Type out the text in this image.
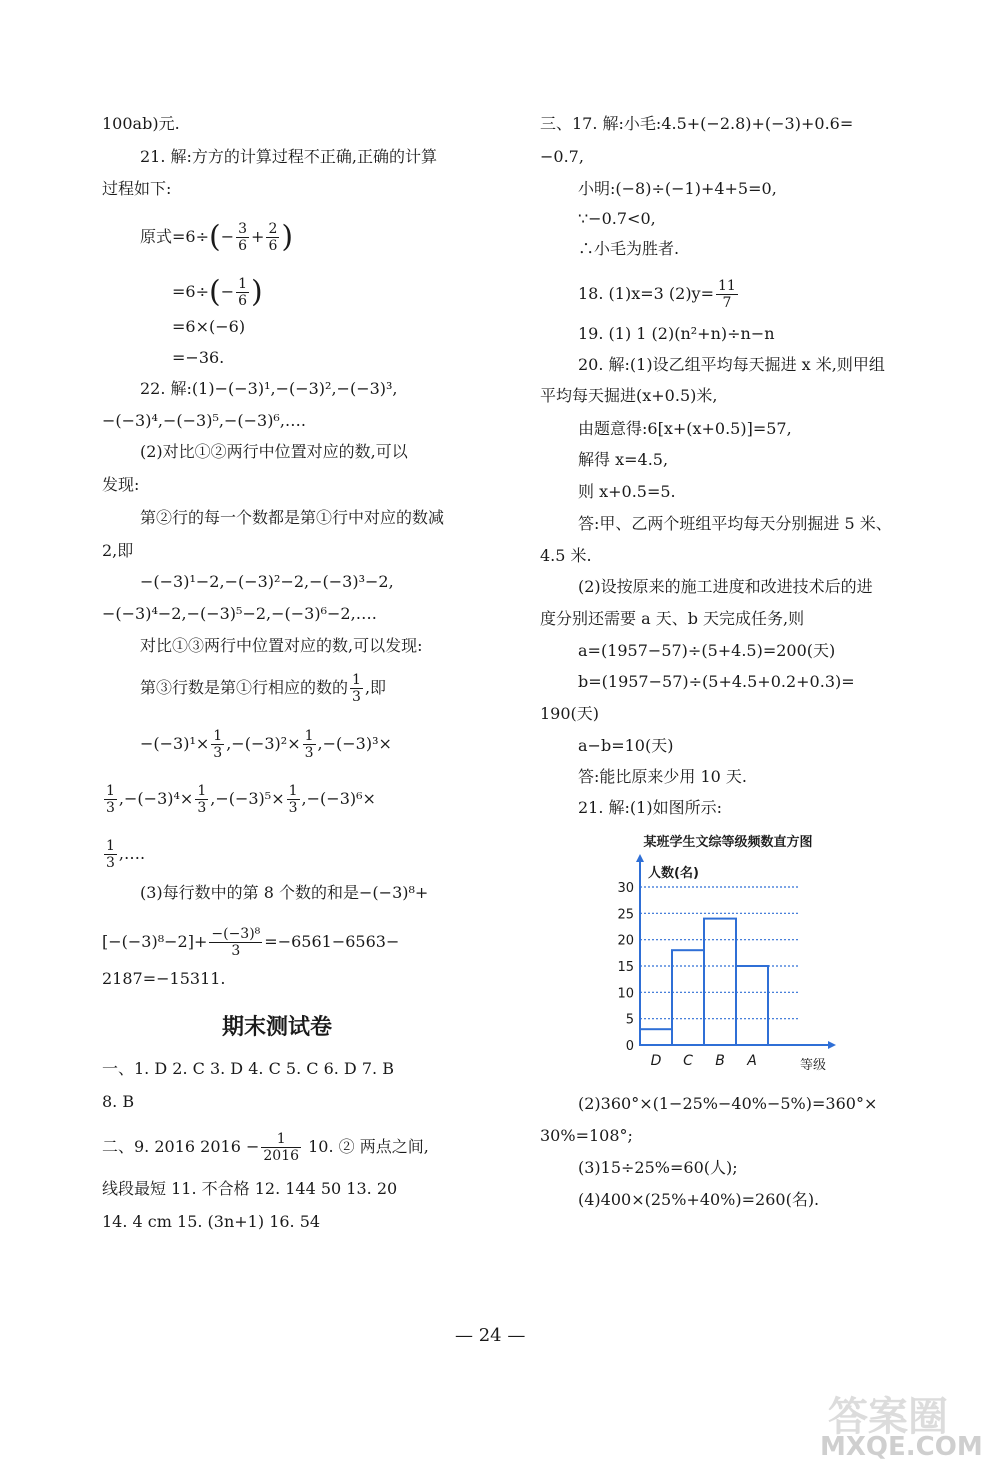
100ab)元.
21. 解:方方的计算过程不正确,正确的计算
过程如下:
原式$=6\div(- \frac{3}{6} + \frac{2}{6}$ )
$=6\div(- \frac{1}{6}$ )
=6×(−6)
=−36.
22. 解:(1)−(−3)¹,−(−3)²,−(−3)³,
−(−3)⁴,−(−3)⁵,−(−3)⁶,….
(2)对比①②两行中位置对应的数,可以
发现:
第②行的每一个数都是第①行中对应的数减
2,即
−(−3)¹−2,−(−3)²−2,−(−3)³−2,
−(−3)⁴−2,−(−3)⁵−2,−(−3)⁶−2,….
对比①③两行中位置对应的数,可以发现:
第③行数是第①行相应的数的 $\frac{1}{3}$ ,即
$-(-3)^1\times \frac{1}{3} ,-(-3)^2\times \frac{1}{3} ,-(-3)^3\times$
$\frac{1}{3} ,-(-3)^4\times \frac{1}{3} ,-(-3)^5\times \frac{1}{3} ,-(-3)^6\times$
$\frac{1}{3}$ ,….
(3)每行数中的第 8 个数的和是−(−3)⁸+
$[-(-3)^8-2]+ \frac{\text{−(−3)⁸}}{3} =-6561-6563-$
2187=−15311.
期末测试卷
一、1. D 2. C 3. D 4. C 5. C 6. D 7. B
8. B
二、9. 2016 $2016 - \frac{1}{2016} 10$. ② 两点之间,
线段最短 11. 不合格 12. 144 50 13. 20
14. 4 cm 15. (3n+1) 16. 54
三、17. 解:小毛:4.5+(−2.8)+(−3)+0.6=
−0.7,
小明:(−8)÷(−1)+4+5=0,
∵−0.7<0,
∴小毛为胜者.
18. (1)x=3 $(2)y= \frac{11}{7}$
19. (1) 1 (2)(n²+n)÷n−n
20. 解:(1)设乙组平均每天掘进 x 米,则甲组
平均每天掘进(x+0.5)米,
由题意得:6[x+(x+0.5)]=57,
解得 x=4.5,
则 x+0.5=5.
答:甲、乙两个班组平均每天分别掘进 5 米、
4.5 米.
(2)设按原来的施工进度和改进技术后的进
度分别还需要 a 天、b 天完成任务,则
a=(1957−57)÷(5+4.5)=200(天)
b=(1957−57)÷(5+4.5+0.2+0.3)=
190(天)
a−b=10(天)
答:能比原来少用 10 天.
21. 解:(1)如图所示:
某班学生文综等级频数直方图
人数(名)
等级
0
5
10
15
20
25
30
D C B A
— 24 —
答案圈
MXQE.COM
(2)360°×(1−25%−40%−5%)=360°×
30%=108°;
(3)15÷25%=60(人);
(4)400×(25%+40%)=260(名).
